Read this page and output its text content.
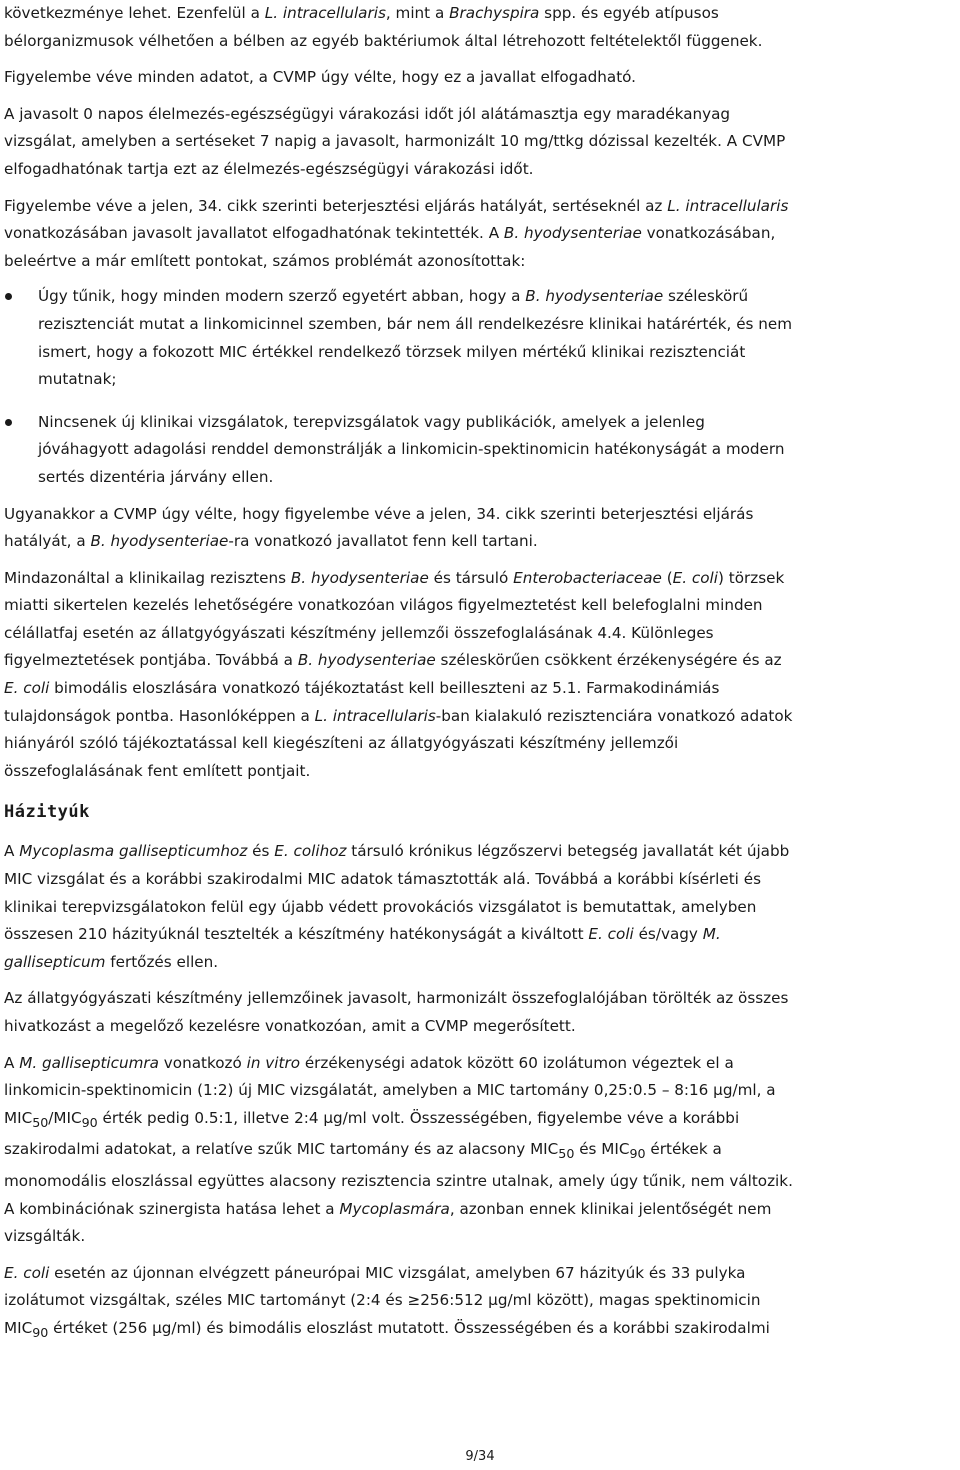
következménye lehet. Ezenfelül a L. intracellularis, mint a Brachyspira spp. és egyéb atípusos
bélorganizmusok vélhetően a bélben az egyéb baktériumok által létrehozott feltételektől függenek.

Figyelembe véve minden adatot, a CVMP úgy vélte, hogy ez a javallat elfogadható.

A javasolt 0 napos élelmezés-egészségügyi várakozási időt jól alátámasztja egy maradékanyag
vizsgálat, amelyben a sertéseket 7 napig a javasolt, harmonizált 10 mg/ttkg dózissal kezelték. A CVMP
elfogadhatónak tartja ezt az élelmezés-egészségügyi várakozási időt.

Figyelembe véve a jelen, 34. cikk szerinti beterjesztési eljárás hatályát, sertéseknél az L. intracellularis
vonatkozásában javasolt javallatot elfogadhatónak tekintették. A B. hyodysenteriae vonatkozásában,
beleértve a már említett pontokat, számos problémát azonosítottak:

Úgy tűnik, hogy minden modern szerző egyetért abban, hogy a B. hyodysenteriae széleskörű
rezisztenciát mutat a linkomicinnel szemben, bár nem áll rendelkezésre klinikai határérték, és nem
ismert, hogy a fokozott MIC értékkel rendelkező törzsek milyen mértékű klinikai rezisztenciát
mutatnak;

Nincsenek új klinikai vizsgálatok, terepvizsgálatok vagy publikációk, amelyek a jelenleg
jóváhagyott adagolási renddel demonstrálják a linkomicin-spektinomicin hatékonyságát a modern
sertés dizentéria járvány ellen.

Ugyanakkor a CVMP úgy vélte, hogy figyelembe véve a jelen, 34. cikk szerinti beterjesztési eljárás
hatályát, a B. hyodysenteriae-ra vonatkozó javallatot fenn kell tartani.

Mindazonáltal a klinikailag rezisztens B. hyodysenteriae és társuló Enterobacteriaceae (E. coli) törzsek
miatti sikertelen kezelés lehetőségére vonatkozóan világos figyelmeztetést kell belefoglalni minden
célállatfaj esetén az állatgyógyászati készítmény jellemzői összefoglalásának 4.4. Különleges
figyelmeztetések pontjába. Továbbá a B. hyodysenteriae széleskörűen csökkent érzékenységére és az
E. coli bimodális eloszlására vonatkozó tájékoztatást kell beilleszteni az 5.1. Farmakodinámiás
tulajdonságok pontba. Hasonlóképpen a L. intracellularis-ban kialakuló rezisztenciára vonatkozó adatok
hiányáról szóló tájékoztatással kell kiegészíteni az állatgyógyászati készítmény jellemzői
összefoglalásának fent említett pontjait.

Házityúk

A Mycoplasma gallisepticumhoz és E. colihoz társuló krónikus légzőszervi betegség javallatát két újabb
MIC vizsgálat és a korábbi szakirodalmi MIC adatok támasztották alá. Továbbá a korábbi kísérleti és
klinikai terepvizsgálatokon felül egy újabb védett provokációs vizsgálatot is bemutattak, amelyben
összesen 210 házityúknál tesztelték a készítmény hatékonyságát a kiváltott E. coli és/vagy M.
gallisepticum fertőzés ellen.

Az állatgyógyászati készítmény jellemzőinek javasolt, harmonizált összefoglalójában törölték az összes
hivatkozást a megelőző kezelésre vonatkozóan, amit a CVMP megerősített.

A M. gallisepticumra vonatkozó in vitro érzékenységi adatok között 60 izolátumon végeztek el a
linkomicin-spektinomicin (1:2) új MIC vizsgálatát, amelyben a MIC tartomány 0,25:0.5 – 8:16 µg/ml, a
$MIC_{50}/MIC_{90}$ érték pedig 0.5:1, illetve 2:4 µg/ml volt. Összességében, figyelembe véve a korábbi
szakirodalmi adatokat, a relatíve szűk MIC tartomány és az alacsony $MIC_{50}$ és $MIC_{90}$ értékek a
monomodális eloszlással együttes alacsony rezisztencia szintre utalnak, amely úgy tűnik, nem változik.
A kombinációnak szinergista hatása lehet a Mycoplasmára, azonban ennek klinikai jelentőségét nem
vizsgálták.

E. coli esetén az újonnan elvégzett páneurópai MIC vizsgálat, amelyben 67 házityúk és 33 pulyka
izolátumot vizsgáltak, széles MIC tartományt (2:4 és ≥256:512 µg/ml között), magas spektinomicin
$MIC_{90}$ értéket (256 µg/ml) és bimodális eloszlást mutatott. Összességében és a korábbi szakirodalmi

9/34
